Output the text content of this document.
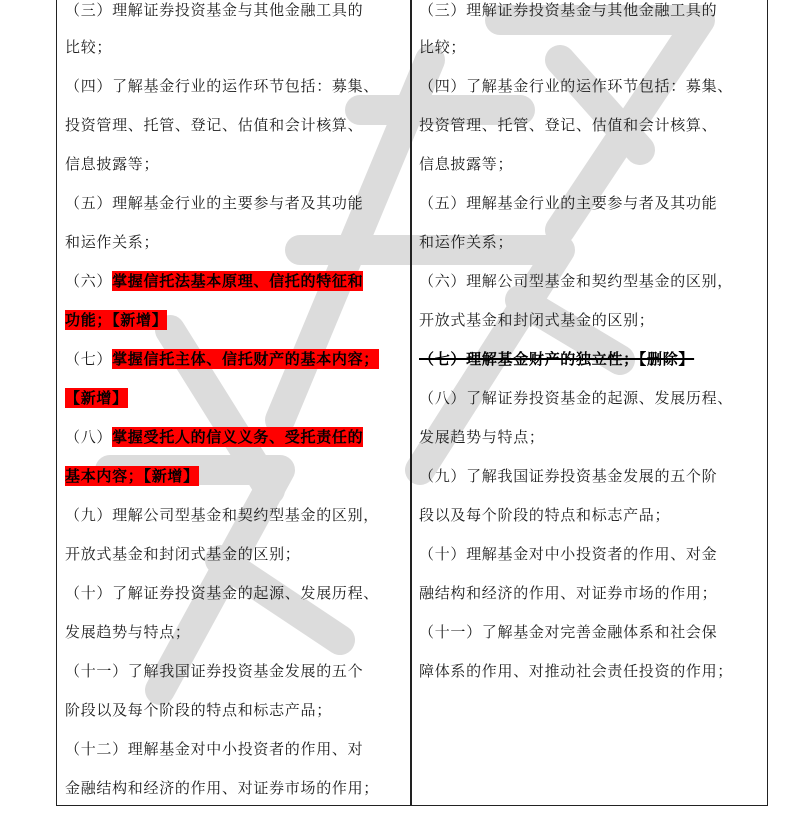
（三）理解证券投资基金与其他金融工具的
比较；
（四）了解基金行业的运作环节包括：募集、
投资管理、托管、登记、估值和会计核算、
信息披露等；
（五）理解基金行业的主要参与者及其功能
和运作关系；
（六）掌握信托法基本原理、信托的特征和
功能；【新增】
（七）掌握信托主体、信托财产的基本内容；
【新增】
（八）掌握受托人的信义义务、受托责任的
基本内容；【新增】
（九）理解公司型基金和契约型基金的区别，
开放式基金和封闭式基金的区别；
（十）了解证券投资基金的起源、发展历程、
发展趋势与特点；
（十一）了解我国证券投资基金发展的五个
阶段以及每个阶段的特点和标志产品；
（十二）理解基金对中小投资者的作用、对
金融结构和经济的作用、对证券市场的作用；
（三）理解证券投资基金与其他金融工具的
比较；
（四）了解基金行业的运作环节包括：募集、
投资管理、托管、登记、估值和会计核算、
信息披露等；
（五）理解基金行业的主要参与者及其功能
和运作关系；
（六）理解公司型基金和契约型基金的区别，
开放式基金和封闭式基金的区别；
（七）理解基金财产的独立性；【删除】
（八）了解证券投资基金的起源、发展历程、
发展趋势与特点；
（九）了解我国证券投资基金发展的五个阶
段以及每个阶段的特点和标志产品；
（十）理解基金对中小投资者的作用、对金
融结构和经济的作用、对证券市场的作用；
（十一）了解基金对完善金融体系和社会保
障体系的作用、对推动社会责任投资的作用；
